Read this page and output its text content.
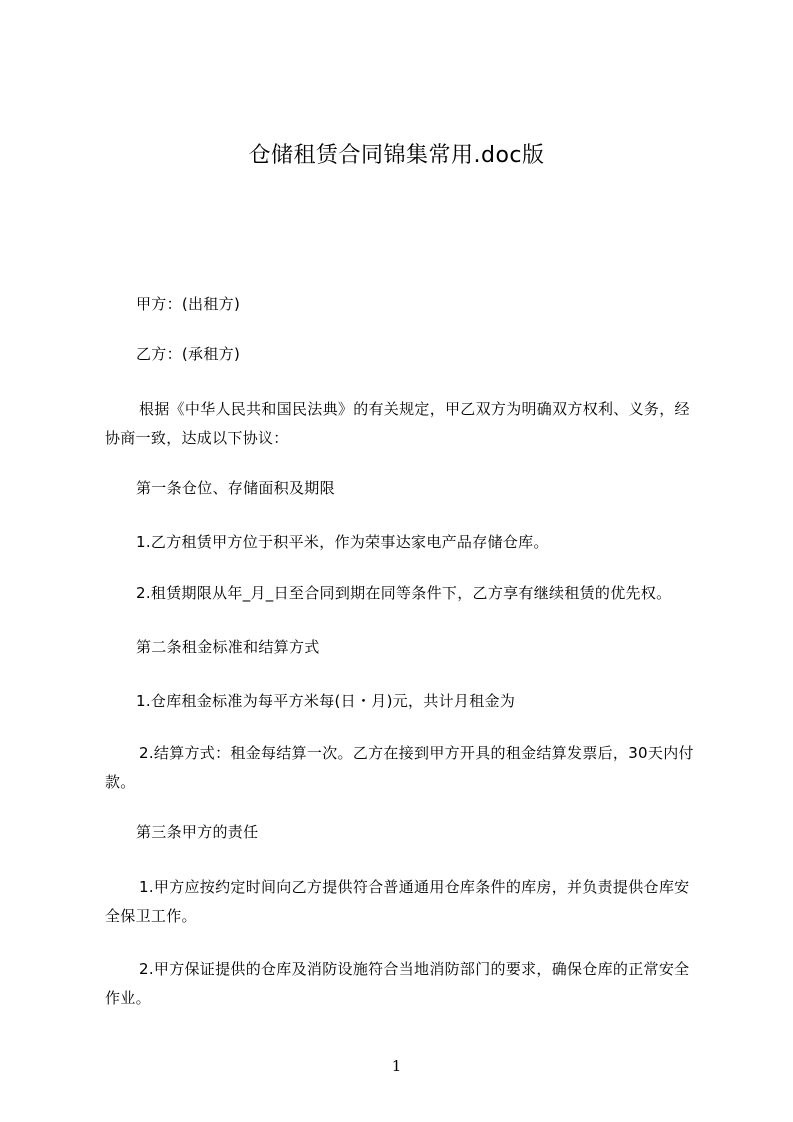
仓储租赁合同锦集常用.doc版
甲方：(出租方)
乙方：(承租方)
根据《中华人民共和国民法典》的有关规定，甲乙双方为明确双方权利、义务，经协商一致，达成以下协议：
第一条仓位、存储面积及期限
1.乙方租赁甲方位于积平米，作为荣事达家电产品存储仓库。
2.租赁期限从年_月_日至合同到期在同等条件下，乙方享有继续租赁的优先权。
第二条租金标准和结算方式
1.仓库租金标准为每平方米每(日・月)元，共计月租金为
2.结算方式：租金每结算一次。乙方在接到甲方开具的租金结算发票后，30天内付款。
第三条甲方的责任
1.甲方应按约定时间向乙方提供符合普通通用仓库条件的库房，并负责提供仓库安全保卫工作。
2.甲方保证提供的仓库及消防设施符合当地消防部门的要求，确保仓库的正常安全作业。
1
